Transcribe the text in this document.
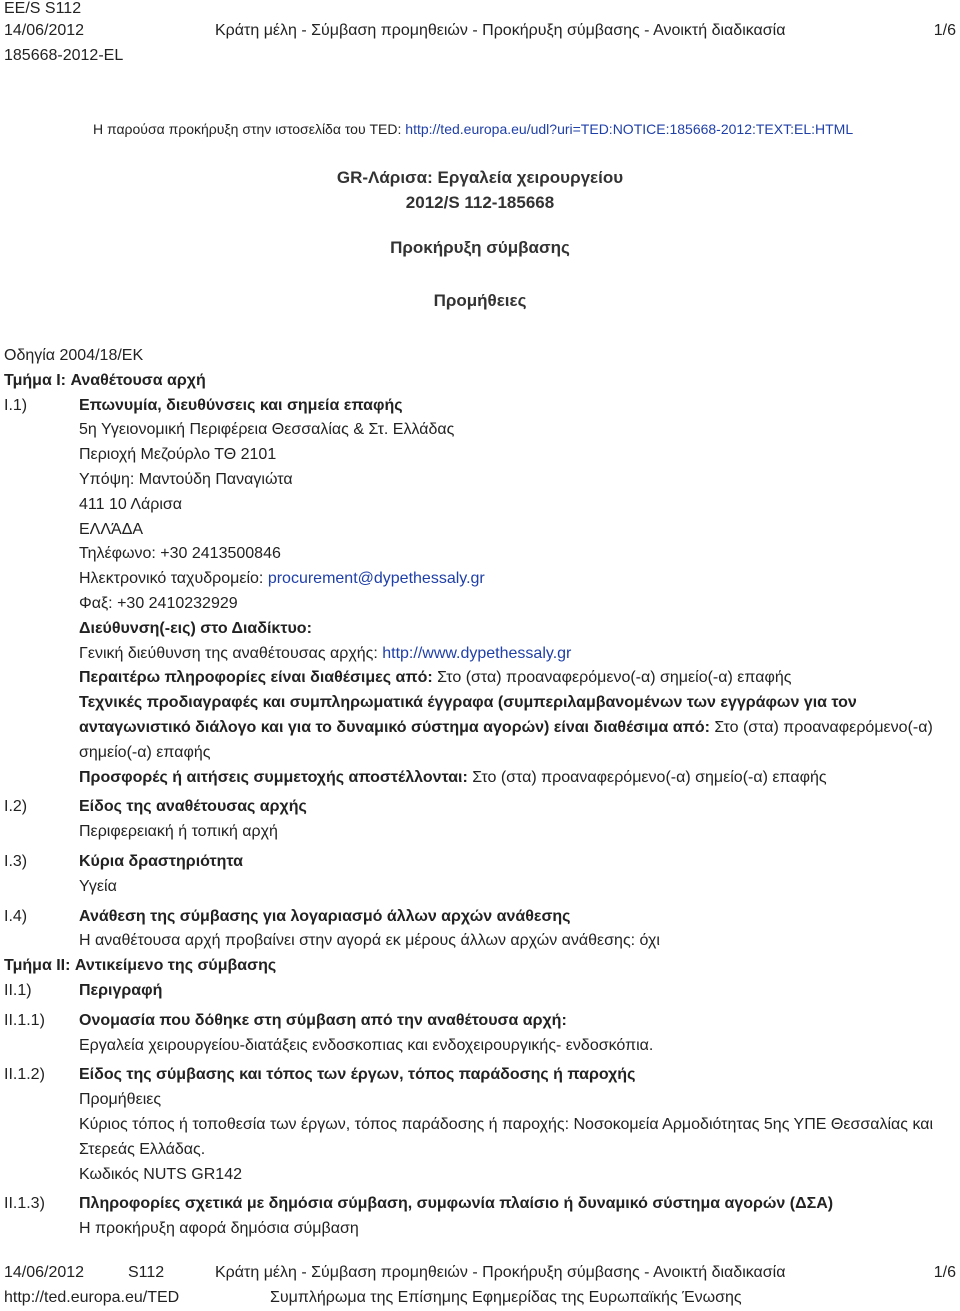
EE/S S112
14/06/2012
185668-2012-EL
Κράτη μέλη - Σύμβαση προμηθειών - Προκήρυξη σύμβασης - Ανοικτή διαδικασία	1/6
Η παρούσα προκήρυξη στην ιστοσελίδα του TED: http://ted.europa.eu/udl?uri=TED:NOTICE:185668-2012:TEXT:EL:HTML
GR-Λάρισα: Εργαλεία χειρουργείου
2012/S 112-185668
Προκήρυξη σύμβασης
Προμήθειες
Οδηγία 2004/18/ΕΚ
Τμήμα I: Αναθέτουσα αρχή
I.1)	Επωνυμία, διευθύνσεις και σημεία επαφής
5η Υγειονομική Περιφέρεια Θεσσαλίας & Στ. Ελλάδας
Περιοχή Μεζούρλο ΤΘ 2101
Υπόψη: Μαντούδη Παναγιώτα
411 10 Λάρισα
ΕΛΛΆΔΑ
Τηλέφωνο: +30 2413500846
Ηλεκτρονικό ταχυδρομείο: procurement@dypethessaly.gr
Φαξ: +30 2410232929
Διεύθυνση(-εις) στο Διαδίκτυο:
Γενική διεύθυνση της αναθέτουσας αρχής: http://www.dypethessaly.gr
Περαιτέρω πληροφορίες είναι διαθέσιμες από: Στο (στα) προαναφερόμενο(-α) σημείο(-α) επαφής
Τεχνικές προδιαγραφές και συμπληρωματικά έγγραφα (συμπεριλαμβανομένων των εγγράφων για τον ανταγωνιστικό διάλογο και για το δυναμικό σύστημα αγορών) είναι διαθέσιμα από: Στο (στα) προαναφερόμενο(-α) σημείο(-α) επαφής
Προσφορές ή αιτήσεις συμμετοχής αποστέλλονται: Στο (στα) προαναφερόμενο(-α) σημείο(-α) επαφής
I.2)	Είδος της αναθέτουσας αρχής
Περιφερειακή ή τοπική αρχή
I.3)	Κύρια δραστηριότητα
Υγεία
I.4)	Ανάθεση της σύμβασης για λογαριασμό άλλων αρχών ανάθεσης
Η αναθέτουσα αρχή προβαίνει στην αγορά εκ μέρους άλλων αρχών ανάθεσης: όχι
Τμήμα II: Αντικείμενο της σύμβασης
II.1)	Περιγραφή
II.1.1)	Ονομασία που δόθηκε στη σύμβαση από την αναθέτουσα αρχή:
Εργαλεία χειρουργείου-διατάξεις ενδοσκοπιας και ενδοχειρουργικής- ενδοσκόπια.
II.1.2)	Είδος της σύμβασης και τόπος των έργων, τόπος παράδοσης ή παροχής
Προμήθειες
Κύριος τόπος ή τοποθεσία των έργων, τόπος παράδοσης ή παροχής: Νοσοκομεία Αρμοδιότητας 5ης ΥΠΕ Θεσσαλίας και Στερεάς Ελλάδας.
Κωδικός NUTS GR142
II.1.3)	Πληροφορίες σχετικά με δημόσια σύμβαση, συμφωνία πλαίσιο ή δυναμικό σύστημα αγορών (ΔΣΑ)
Η προκήρυξη αφορά δημόσια σύμβαση
14/06/2012	S112	Κράτη μέλη - Σύμβαση προμηθειών - Προκήρυξη σύμβασης - Ανοικτή διαδικασία	1/6
http://ted.europa.eu/TED	Συμπλήρωμα της Επίσημης Εφημερίδας της Ευρωπαϊκής Ένωσης
